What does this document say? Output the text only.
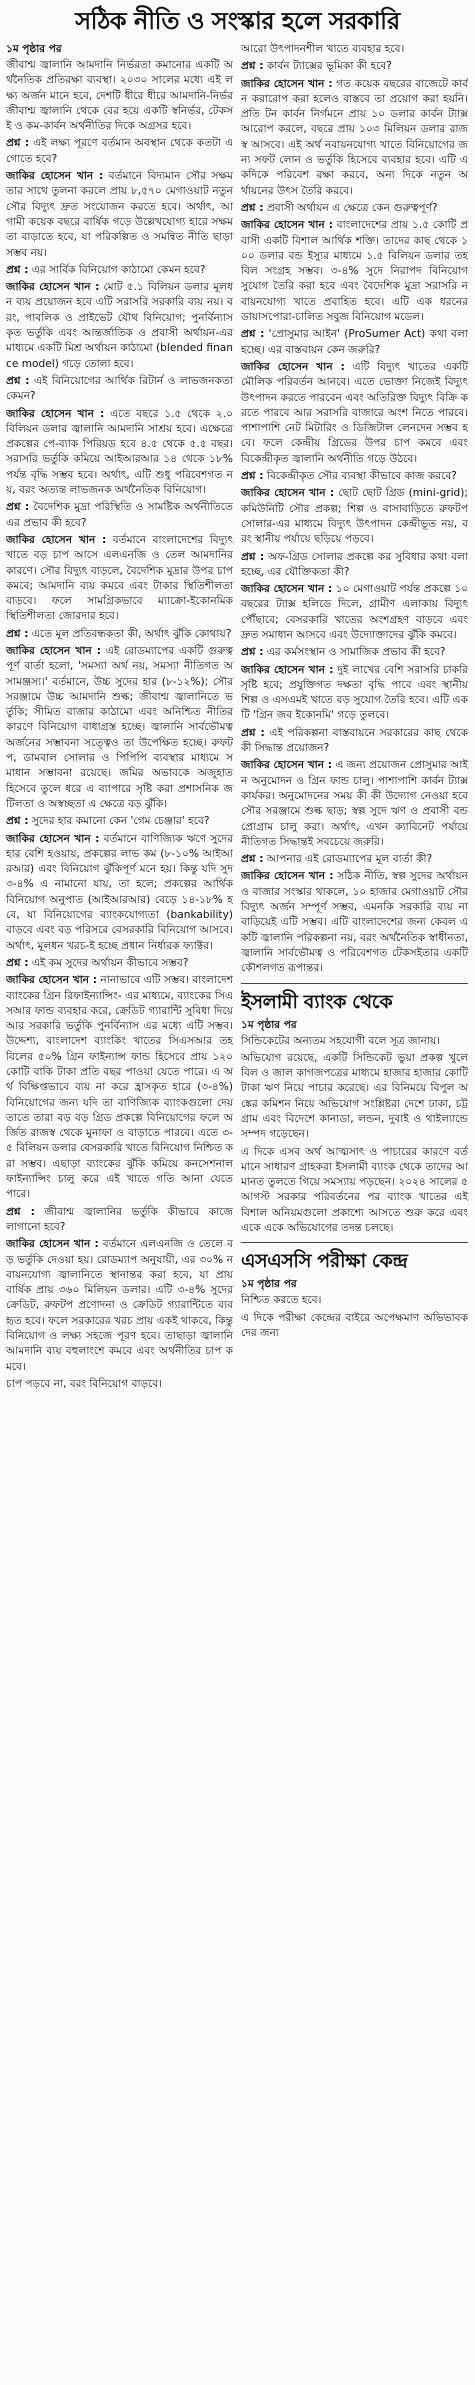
সঠিক নীতি ও সংস্কার হলে সরকারি
১ম পৃষ্ঠার পর

জীবাশ্ম জ্বালানি আমদানি নির্ভরতা কমানোর একটি অর্থনৈতিক প্রতিরক্ষা ব্যবস্থা। ২০৩০ সালের মধ্যে এই লক্ষ্য অর্জন মানে হবে, দেশটি ধীরে ধীরে আমদানি-নির্ভর জীবাশ্ম জ্বালানি থেকে বের হয়ে একটি স্বনির্ভর, টেকসই ও কম-কার্বন অর্থনীতির দিকে অগ্রসর হবে।

প্রশ্ন : এই লক্ষ্য পূরণে বর্তমান অবস্থান থেকে কতটা এগোতে হবে?

জাকির হোসেন খান : বর্তমানে বিদ্যমান সৌর সক্ষমতার সাথে তুলনা করলে প্রায় ৮,৫৭০ মেগাওয়াট নতুন সৌর বিদ্যুৎ দ্রুত সংযোজন করতে হবে। অর্থাৎ, আগামী কয়েক বছরে বার্ষিক গড়ে উল্লেখযোগ্য হারে সক্ষমতা বাড়াতে হবে, যা পরিকল্পিত ও সমন্বিত নীতি ছাড়া সম্ভব নয়।

প্রশ্ন : এর সার্বিক বিনিয়োগ কাঠামো কেমন হবে?

জাকির হোসেন খান : মোট ৫.১ বিলিয়ন ডলার মূলধন ব্যয় প্রয়োজন হবে এটি সরাসরি সরকারি ব্যয় নয়। বরং, পাবলিক ও প্রাইভেট যৌথ বিনিয়োগ; পুনর্বিন্যাসকৃত ভর্তুকি এবং আন্তর্জাতিক ও প্রবাসী অর্থায়ন-এর মাধ্যমে একটি মিশ্র অর্থায়ন কাঠামো (blended finance model) গড়ে তোলা হবে।

প্রশ্ন : এই বিনিয়োগের আর্থিক রিটার্ন ও লাভজনকতা কেমন?

জাকির হোসেন খান : এতে বছরে ১.৫ থেকে ২.০ বিলিয়ন ডলার জ্বালানি আমদানি সাশ্রয় হবে। এক্ষেত্রে প্রকল্পের পে-ব্যাক পিরিয়ড হবে ৪.৫ থেকে ৫.৫ বছর। সরাসরি ভর্তুকি কমিয়ে আইআরআর ১৪ থেকে ১৮% পর্যন্ত বৃদ্ধি সম্ভব হবে। অর্থাৎ, এটি শুধু পরিবেশগত নয়, বরং অত্যন্ত লাভজনক অর্থনৈতিক বিনিয়োগ।

প্রশ্ন : বৈদেশিক মুদ্রা পরিস্থিতি ও সামষ্টিক অর্থনীতিতে এর প্রভাব কী হবে?

জাকির হোসেন খান : বর্তমানে বাংলাদেশের বিদ্যুৎ খাতে বড় চাপ আসে এলএনজি ও তেল আমদানির কারণে। সৌর বিদ্যুৎ বাড়লে, বৈদেশিক মুদ্রার উপর চাপ কমবে; আমদানি ব্যয় কমবে এবং টাকার স্থিতিশীলতা বাড়বে। ফলে সামগ্রিকভাবে ম্যাক্রো-ইকোনমিক স্থিতিশীলতা জোরদার হবে।

প্রশ্ন : এতে মূল প্রতিবন্ধকতা কী, অর্থাৎ ঝুঁকি কোথায়?

জাকির হোসেন খান : এই রোডম্যাপের একটি গুরুত্বপূর্ণ বার্তা হলো, 'সমস্যা অর্থ নয়, সমস্যা নীতিগত অসামঞ্জস্য।' বর্তমানে, উচ্চ সুদের হার (৮-১২%); সৌর সরঞ্জামে উচ্চ আমদানি শুল্ক; জীবাশ্ম জ্বালানিতে ভর্তুকি; সীমিত বাজার কাঠামো এবং অনিশ্চিত নীতির কারণে বিনিয়োগ বাধাগ্রস্ত হচ্ছে। জ্বালানি সার্বভৌমত্ব অর্জনের সম্ভাবনা সত্ত্বেও তা উপেক্ষিত হচ্ছে। রুফটপ, ডামবাল সোলার ও পিপিপি ব্যবস্থার মাধ্যমে সমাধান সম্ভাবনা রয়েছে। জমির অভাবকে অজুহাত হিসেবে তুলে ধরে এ ব্যাপারে সৃষ্টি করা প্রশাসনিক জটিলতা ও অস্বচ্ছতা এ ক্ষেত্রে বড় ঝুঁকি।

প্রশ্ন : সুদের হার কমানো কেন 'গেম চেঞ্জার' হবে?

জাকির হোসেন খান : বর্তমানে বাণিজ্যিক ঋণে সুদের হার বেশি হওয়ায়, প্রকল্পের লাভ কম (৮-১০% আইআরআর) এবং বিনিয়োগ ঝুঁকিপূর্ণ মনে হয়। কিন্তু যদি সুদ ৩-৪% এ নামানো যায়, তা হলে; প্রকল্পের আর্থিক বিনিয়োগ অনুপাত (আইআরআর) বেড়ে ১৪-১৮% হবে, যা বিনিয়োগের ব্যাংকযোগ্যতা (bankability) বাড়বে এবং বড় পরিসরে বেসরকারি বিনিয়োগ আসবে। অর্থাৎ, মূলধন খরচ-ই হচ্ছে প্রধান নির্ধারক ফ্যাক্টর।

প্রশ্ন : এই কম সুদের অর্থায়ন কীভাবে সম্ভব?

জাকির হোসেন খান : নানাভাবে এটি সম্ভব। বাংলাদেশ ব্যাংকের গ্রিন রিফাইন্যান্সিং- এর মাধ্যমে, ব্যাংকের সিএসআর ফান্ড ব্যবহার করে, ক্রেডিট গ্যারান্টি সুবিধা দিয়ে আর সরকারি ভর্তুকি পুনর্বিন্যাস এর মধ্যে এটি সম্ভব। উদ্দেশ্য, বাংলাদেশ ব্যাংকিং খাতের সিএসআর তহবিলের ৫০% গ্রিন ফাইন্যান্স ফান্ড হিসেবে প্রায় ১২০ কোটি বাকি টাকা প্রতি বছর পাওয়া যেতে পারে। এ অর্থ বিক্ষিপ্তভাবে ব্যয় না করে হ্রাসকৃত হারে (৩-৪%) বিনিয়োগের জন্য যদি তা বাণিজ্যিক ব্যাংকগুলো দেয় তাতে তারা বড় বড় গ্রিড প্রকল্পে বিনিয়োগের ফলে অর্জিত রাজস্ব থেকে মুনাফা ও বাড়াতে পারবে। এতে ৩-৫ বিলিয়ন ডলার বেসরকারি খাতে বিনিয়োগ নিশ্চিত করা সম্ভব। এছাড়া ব্যাংকের ঝুঁকি কমিয়ে কনসেশনাল ফাইন্যান্সিং চালু করে এই খাতে গতি আনা যেতে পারে।

প্রশ্ন : জীবাশ্ম জ্বালানির ভর্তুকি কীভাবে কাজে লাগানো হবে?

জাকির হোসেন খান : বর্তমানে এলএনজি ও তেলে বড় ভর্তুকি দেওয়া হয়। রোডম্যাপ অনুযায়ী, এর ৩০% নবায়নযোগ্য জ্বালানিতে স্থানান্তর করা হবে, যা প্রায় বার্ষিক প্রায় ৩৬০ মিলিয়ন ডলার। এটি ৩-৪% সুদের ক্রেডিট, রুফটপ প্রণোদনা ও ক্রেডিট গ্যারান্টিতে ব্যবহৃত হবে। ফলে সরকারের খরচ প্রায় একই থাকবে, কিন্তু বিনিয়োগ ও লক্ষ্য সহজে পূরণ হবে। তাছাড়া জ্বালানি আমদানি ব্যয় বহুলাংশে কমবে এবং অর্থনীতির চাপ কমবে।

চাপ পড়বে না, বরং বিনিয়োগ বাড়বে।

আরো উৎপাদনশীল খাতে ব্যবহার হবে।

প্রশ্ন : কার্বন ট্যাক্সের ভূমিকা কী হবে?

জাকির হোসেন খান : গত কয়েক বছরের বাজেটে কার্বন করারোপ করা হলেও বাস্তবে তা প্রয়োগ করা হয়নি। প্রতি টন কার্বন নির্গমনে প্রায় ১০ ডলার কার্বন ট্যাক্স আরোপ করলে, বছরে প্রায় ১০৩ মিলিয়ন ডলার রাজস্ব আসবে। এই অর্থ নবায়নযোগ্য খাতে বিনিয়োগের জন্য সফট লোন ও ভর্তুকি হিসেবে ব্যবহার হবে। এটি একদিকে পরিবেশ রক্ষা করবে, অন্য দিকে নতুন অর্থায়নের উৎস তৈরি করবে।

প্রশ্ন : প্রবাসী অর্থায়ন এ ক্ষেত্রে কেন গুরুত্বপূর্ণ?

জাকির হোসেন খান : বাংলাদেশের প্রায় ১.৫ কোটি প্রবাসী একটি বিশাল আর্থিক শক্তি। তাদের কাছ থেকে ১০০ ডলার বন্ড ইস্যুর মাধ্যমে ১.৫ বিলিয়ন ডলার তহবিল সংগ্রহ সম্ভব। ৩-৪% সুদে নিরাপদ বিনিয়োগ সুযোগ তৈরি করা হবে এবং বৈদেশিক মুদ্রা সরাসরি নবায়নযোগ্য খাতে প্রবাহিত হবে। এটি এক ধরনের ডায়াসপোরা-চালিত সবুজ বিনিয়োগ মডেল।

প্রশ্ন : 'প্রোসুমার আইন' (ProSumer Act) কথা বলা হচ্ছে। এর বাস্তবায়ন কেন জরুরি?

জাকির হোসেন খান : এটি বিদ্যুৎ খাতের একটি মৌলিক পরিবর্তন আনবে। এতে ভোক্তা নিজেই বিদ্যুৎ উৎপাদন করতে পারবেন এবং অতিরিক্ত বিদ্যুৎ বিক্রি করতে পারবে আর সরাসরি বাজারে অংশ নিতে পারবে। পাশাপাশি নেট মিটারিং ও ডিজিটাল লেনদেন সম্ভব হবে। ফলে কেন্দ্রীয় গ্রিডের উপর চাপ কমবে এবং বিকেন্দ্রীকৃত জ্বালানি অর্থনীতি গড়ে উঠবে।

প্রশ্ন : বিকেন্দ্রীকৃত সৌর ব্যবস্থা কীভাবে কাজ করবে?

জাকির হোসেন খান : ছোট ছোট গ্রিড (mini-grid); কমিউনিটি সৌর প্রকল্প; শিল্প ও বাসাবাড়িতে রুফটপ সোলার-এর মাধ্যমে বিদ্যুৎ উৎপাদন কেন্দ্রীভূত নয়, বরং স্থানীয় পর্যায়ে ছড়িয়ে পড়বে।

প্রশ্ন : অফ-গ্রিড সোলার প্রকল্পে কর সুবিধার কথা বলা হচ্ছে, এর যৌক্তিকতা কী?

জাকির হোসেন খান : ১০ মেগাওয়াট পর্যন্ত প্রকল্পে ১০ বছরের ট্যাক্স হলিডে দিলে, গ্রামীণ এলাকায় বিদ্যুৎ পৌঁছাবে; বেসরকারি খাতের অংশগ্রহণ বাড়বে এবং দ্রুত সমাধান আসবে এবং উদ্যোক্তাদের ঝুঁকি কমবে।

প্রশ্ন : এর কর্মসংস্থান ও সামাজিক প্রভাব কী হবে?

জাকির হোসেন খান : দুই লাখের বেশি সরাসরি চাকরি সৃষ্টি হবে; প্রযুক্তিগত দক্ষতা বৃদ্ধি পাবে এবং স্থানীয় শিল্প ও এসএমই খাতে বড় সুযোগ তৈরি হবে। এটি একটি 'গ্রিন জব ইকোনমি' গড়ে তুলবে।

প্রশ্ন : এই পরিকল্পনা বাস্তবায়নে সরকারের কাছ থেকে কী সিদ্ধান্ত প্রয়োজন?

জাকির হোসেন খান : এ জন্য প্রয়োজন প্রোসুমার আইন অনুমোদন ও গ্রিন ফান্ড চালু। পাশাপাশি কার্বন ট্যাক্স কার্যকর। অনুমোদনের সময় কী কী উদ্যোগ নেওয়া হবে সৌর সরঞ্জামে শুল্ক ছাড়; স্বল্প সুদে ঋণ ও প্রবাসী বন্ড প্রোগ্রাম চালু করা। অর্থাৎ, এখন ক্যাবিনেট পর্যায়ে নীতিগত সিদ্ধান্তই সবচেয়ে জরুরি।

প্রশ্ন : আপনার এই রোডম্যাপের মূল বার্তা কী?

জাকির হোসেন খান : সঠিক নীতি, স্বল্প সুদের অর্থায়ন ও বাজার সংস্কার থাকলে, ১০ হাজার মেগাওয়াট সৌর বিদ্যুৎ অর্জন সম্পূর্ণ সম্ভব, এমনকি সরকারি ব্যয় না বাড়িয়েই এটি সম্ভব। এটি বাংলাদেশের জন্য কেবল একটি জ্বালানি পরিকল্পনা নয়, বরং অর্থনৈতিক স্বাধীনতা, জ্বালানি সার্বভৌমত্ব ও পরিবেশগত টেকসইতার একটি কৌশলগত রূপান্তর।

ইসলামী ব্যাংক থেকে
১ম পৃষ্ঠার পর

সিন্ডিকেটের অন্যতম সহযোগী বলে সূত্র জানায়।

অভিযোগ রয়েছে, একটি সিন্ডিকেট ভুয়া প্রকল্প খুলে বিল ও জাল কাগজপত্রের মাধ্যমে হাজার হাজার কোটি টাকা ঋণ নিয়ে পাচার করেছে। এর বিনিময়ে বিপুল অঙ্কের কমিশন নিয়ে অভিযোগ সংশ্লিষ্টরা দেশে ঢাকা, চট্টগ্রাম এবং বিদেশে কানাডা, লন্ডন, দুবাই ও থাইল্যান্ডে সম্পদ গড়েছেন।

এ দিকে এসব অর্থ আত্মসাৎ ও পাচারের কারণে বর্তমানে সাধারণ গ্রাহকরা ইসলামী ব্যাংক থেকে তাদের আমানত তুলতে গিয়ে সমস্যায় পড়ছেন। ২০২৪ সালের ৫ আগস্ট সরকার পরিবর্তনের পর ব্যাংক খাতের এই বিশাল অনিয়মগুলো প্রকাশ্যে আসতে শুরু করে এবং একে একে অভিযোগের তদন্ত চলছে।

এসএসসি পরীক্ষা কেন্দ্র
১ম পৃষ্ঠার পর

নিশ্চিত করতে হবে।

এ দিকে পরীক্ষা কেন্দ্রের বাইরে অপেক্ষমাণ অভিভাবকদের জন্য
